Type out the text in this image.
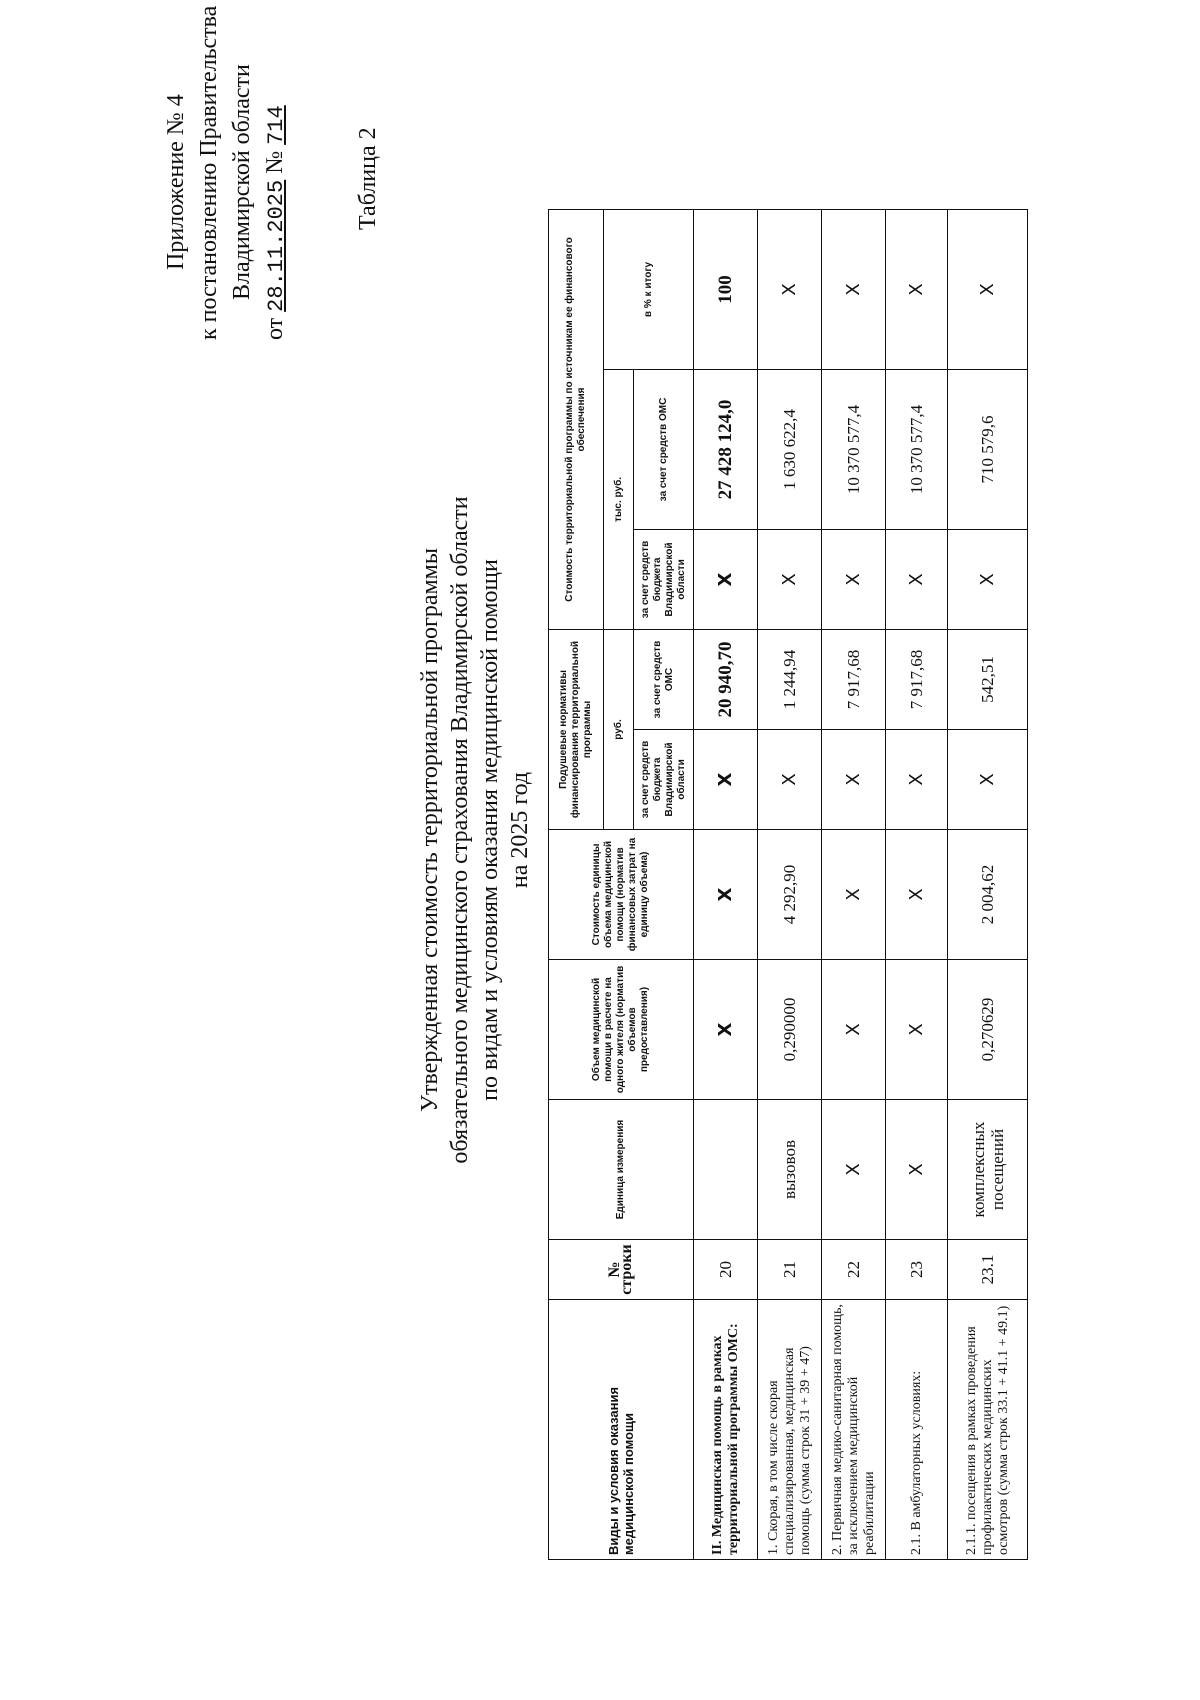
Приложение № 4 к постановлению Правительства Владимирской области
от 28.11.2025 № 714
Таблица 2
Утвержденная стоимость территориальной программы обязательного медицинского страхования Владимирской области по видам и условиям оказания медицинской помощи на 2025 год
Виды и условия оказания медицинской помощи	№ строки	Единица измерения	Объем медицинской помощи в расчете на одного жителя (норматив объемов предоставления)	Стоимость единицы объема медицинской помощи (норматив финансовых затрат на единицу объема)	Подушевые нормативы финансирования территориальной программы		Стоимость территориальной программы по источникам ее финансового обеспечения		
					руб.		тыс. руб.		в % к итогу
					за счет средств бюджета Владимирской области	за счет средств ОМС	за счет средств бюджета Владимирской области	за счет средств ОМС	
II. Медицинская помощь в рамках территориальной программы ОМС:	20		X	X	X	20 940,70	X	27 428 124,0	100
1. Скорая, в том числе скорая специализированная, медицинская помощь (сумма строк 31 + 39 + 47)	21	вызовов	0,290000	4 292,90	X	1 244,94	X	1 630 622,4	X
2. Первичная медико-санитарная помощь, за исключением медицинской реабилитации	22	X	X	X	X	7 917,68	X	10 370 577,4	X
2.1. В амбулаторных условиях:	23	X	X	X	X	7 917,68	X	10 370 577,4	X
2.1.1. посещения в рамках проведения профилактических медицинских осмотров (сумма строк 33.1 + 41.1 + 49.1)	23.1	комплексных посещений	0,270629	2 004,62	X	542,51	X	710 579,6	X
